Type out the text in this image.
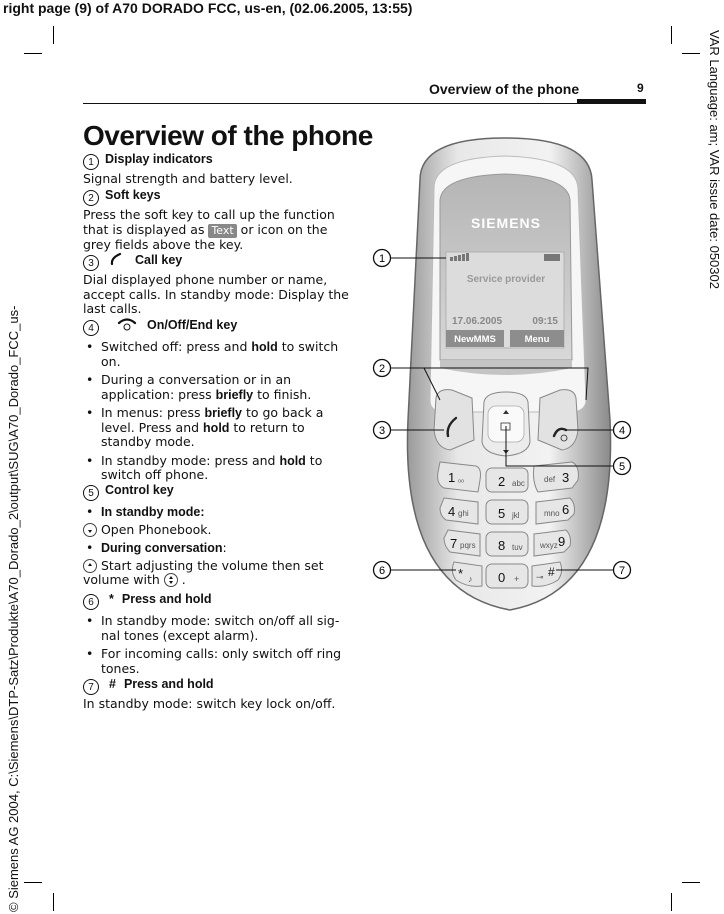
right page (9) of A70 DORADO FCC, us-en, (02.06.2005, 13:55)
© Siemens AG 2004, C:\Siemens\DTP-Satz\Produkte\A70_Dorado_2\output\SUG\A70_Dorado_FCC_us-
VAR Language: am; VAR issue date: 050302
Overview of the phone	9
Overview of the phone
1 Display indicators
Signal strength and battery level.
2 Soft keys
Press the soft key to call up the function that is displayed as Text or icon on the grey fields above the key.
3	Call key
Dial displayed phone number or name, accept calls. In standby mode: Display the last calls.
4	On/Off/End key
• Switched off: press and hold to switch on.
• During a conversation or in an application: press briefly to finish.
• In menus: press briefly to go back a level. Press and hold to return to standby mode.
• In standby mode: press and hold to switch off phone.
5 Control key
• In standby mode:
Open Phonebook.
• During conversation:
Start adjusting the volume then set volume with
.
6 * Press and hold
• In standby mode: switch on/off all sig-nal tones (except alarm).
• For incoming calls: only switch off ring tones.
7 # Press and hold
In standby mode: switch key lock on/off.
SIEMENS
Service provider
17.06.2005	09:15
NewMMS	Menu
1 ₒₒ	2 abc def 3
4 ghi 5 jkl	mno 6
7 pqrs 8 tuv wxyz 9
* ♪ 0 + ⊸ #
1
2
3	4
5
6	7
